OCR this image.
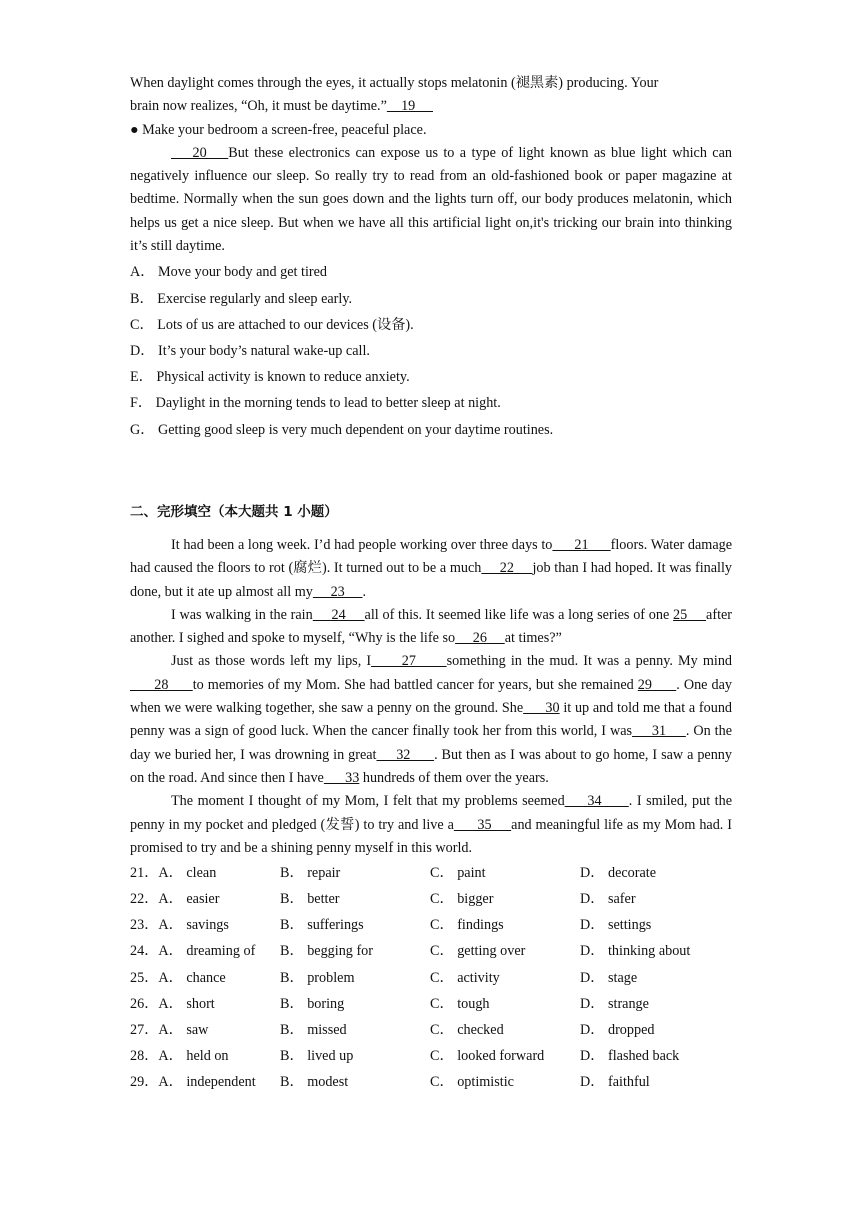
When daylight comes through the eyes, it actually stops melatonin (褪黑素) producing. Your

brain now realizes, “Oh, it must be daytime.”    19

● Make your bedroom a screen-free, peaceful place.

20    But these electronics can expose us to a type of light known as blue light which can negatively influence our sleep. So really try to read from an old-fashioned book or paper magazine at bedtime. Normally when the sun goes down and the lights turn off, our body produces melatonin, which helps us get a nice sleep. But when we have all this artificial light on,it's tricking our brain into thinking it’s still daytime.

A． Move your body and get tired
B． Exercise regularly and sleep early.
C． Lots of us are attached to our devices (设备).
D． It’s your body’s natural wake-up call.
E． Physical activity is known to reduce anxiety.
F． Daylight in the morning tends to lead to better sleep at night.
G． Getting good sleep is very much dependent on your daytime routines.
二、完形填空（本大题共 1 小题）

It had been a long week. I’d had people working over three days to      21      floors. Water damage had caused the floors to rot (腐烂). It turned out to be a much     22     job than I had hoped. It was finally done, but it ate up almost all my     23     .

I was walking in the rain     24     all of this. It seemed like life was a long series of one 25     after another. I sighed and spoke to myself, “Why is the life so     26     at times?”

Just as those words left my lips, I      27      something in the mud. It was a penny. My mind      28      to memories of my Mom. She had battled cancer for years, but she remained 29      . One day when we were walking together, she saw a penny on the ground. She      30 it up and told me that a found penny was a sign of good luck. When the cancer finally took her from this world, I was     31     . On the day we buried her, I was drowning in great     32      . But then as I was about to go home, I saw a penny on the road. And since then I have      33 hundreds of them over the years.

The moment I thought of my Mom, I felt that my problems seemed     34      . I smiled, put the penny in my pocket and pledged (发誓) to try and live a      35     and meaningful life as my Mom had. I promised to try and be a shining penny myself in this world.

21．A． clean	B． repair	C． paint	D． decorate
22．A． easier	B． better	C． bigger	D． safer
23．A． savings	B． sufferings	C． findings	D． settings
24．A． dreaming of	B． begging for	C． getting over	D． thinking about
25．A． chance	B． problem	C． activity	D． stage
26．A． short	B． boring	C． tough	D． strange
27．A． saw	B． missed	C． checked	D． dropped
28．A． held on	B． lived up	C． looked forward	D． flashed back
29．A． independent	B． modest	C． optimistic	D． faithful
